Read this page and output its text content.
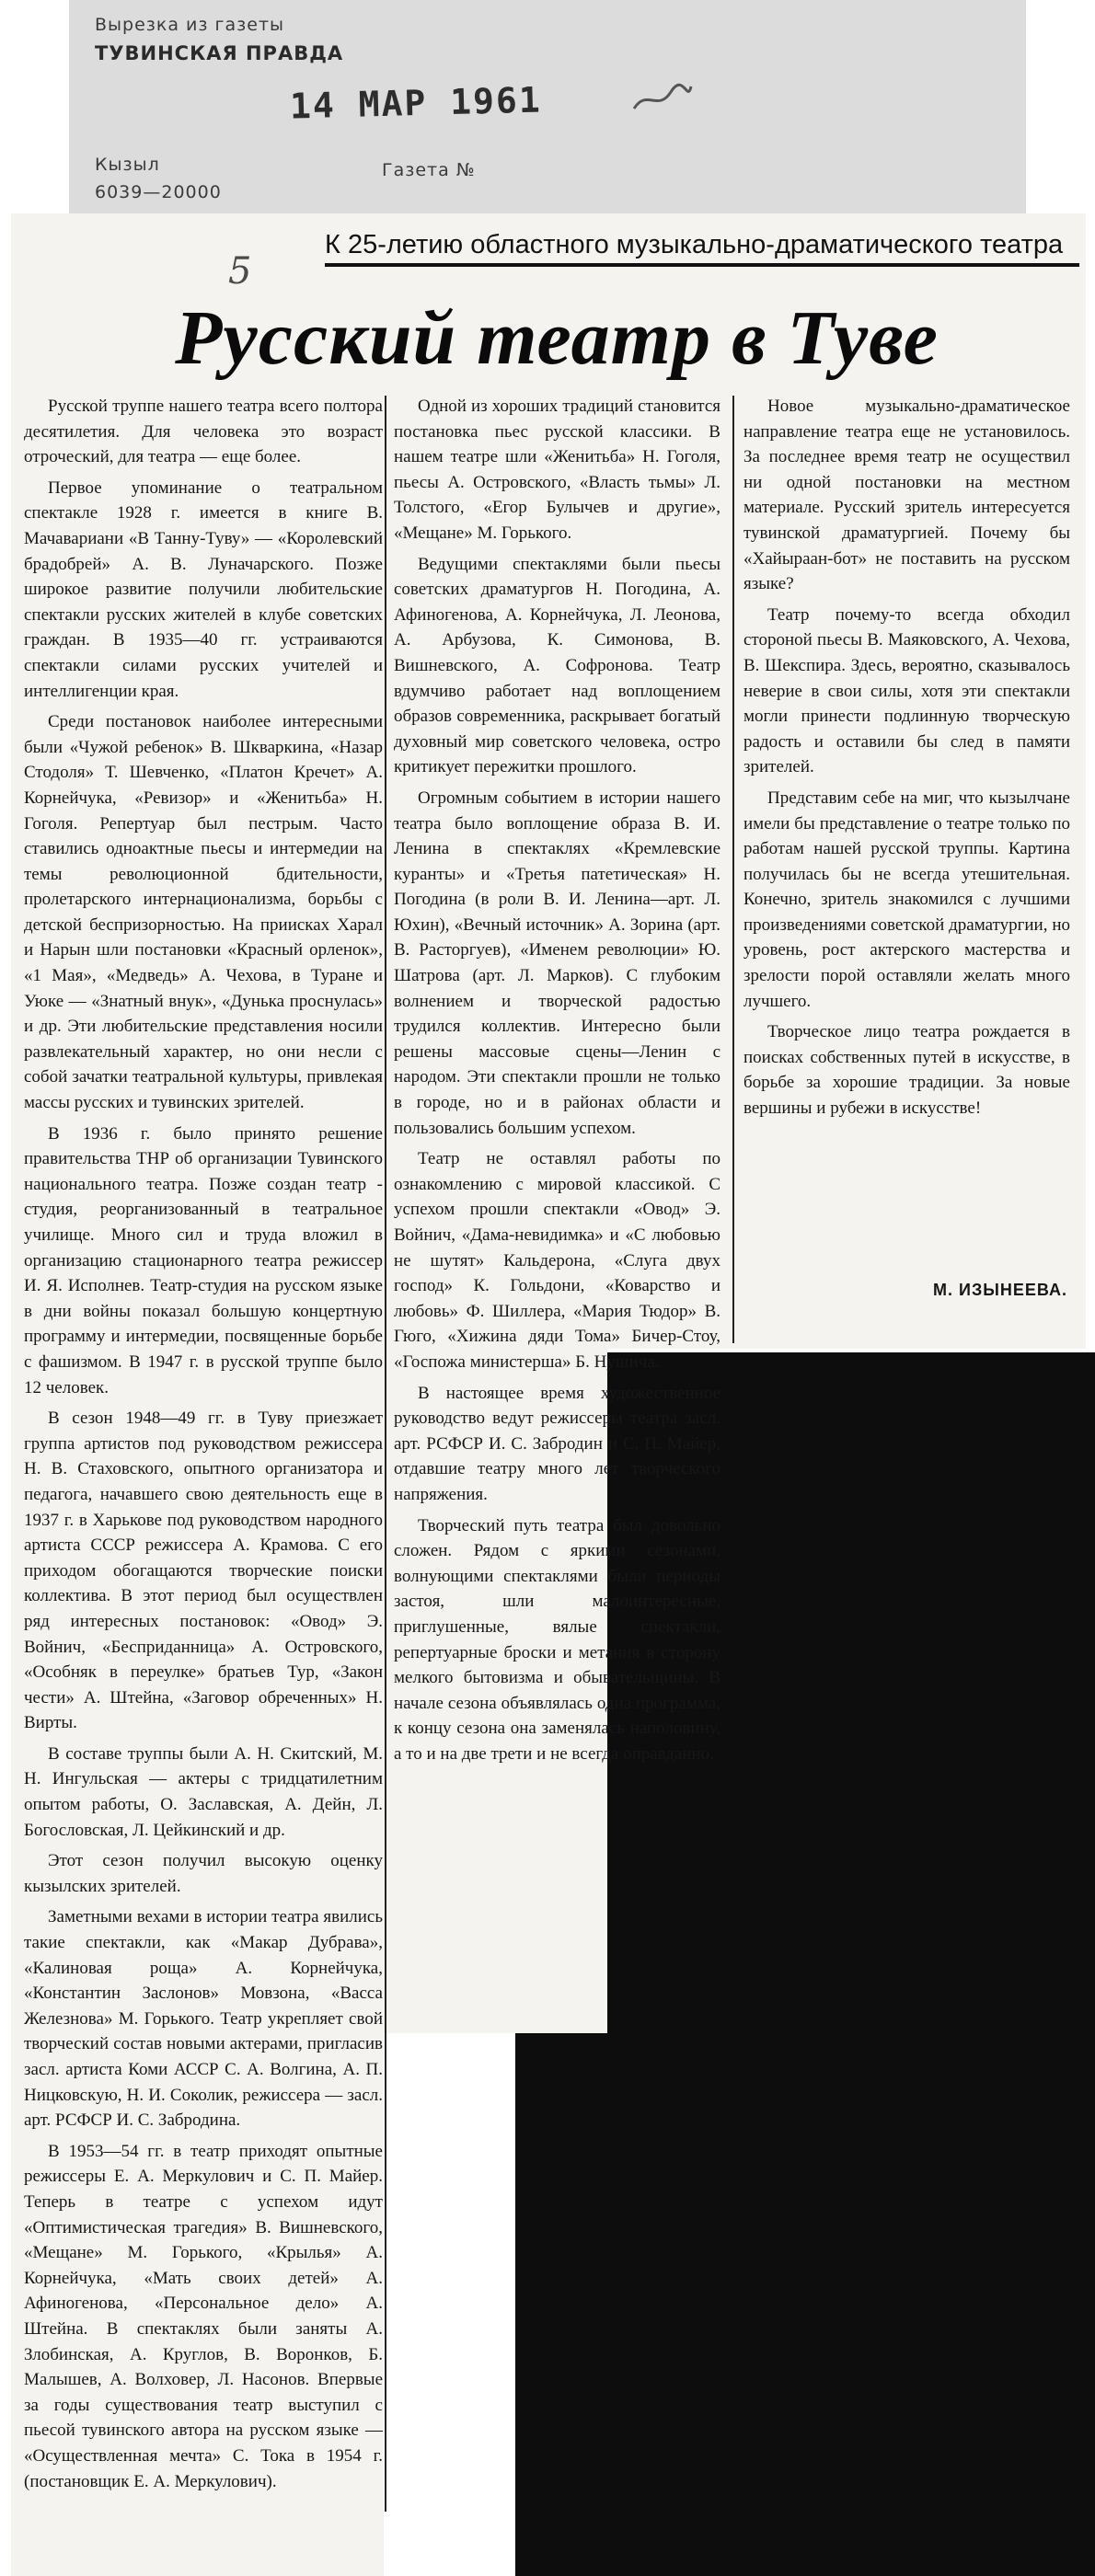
Вырезка из газеты
ТУВИНСКАЯ ПРАВДА
14 МАР 1961
Кызыл	Газета №
6039—20000
К 25-летию областного музыкально-драматического театра
5
Русский театр в Туве

Русской труппе нашего театра всего полтора десятилетия. Для человека это возраст отроческий, для театра — еще более.

Первое упоминание о театральном спектакле 1928 г. имеется в книге В. Мачавариани «В Танну-Туву» — «Королевский брадобрей» А. В. Луначарского. Позже широкое развитие получили любительские спектакли русских жителей в клубе советских граждан. В 1935—40 гг. устраиваются спектакли силами русских учителей и интеллигенции края.

Среди постановок наиболее интересными были «Чужой ребенок» В. Шкваркина, «Назар Стодоля» Т. Шевченко, «Платон Кречет» А. Корнейчука, «Ревизор» и «Женитьба» Н. Гоголя. Репертуар был пестрым. Часто ставились одноактные пьесы и интермедии на темы революционной бдительности, пролетарского интернационализма, борьбы с детской беспризорностью. На приисках Харал и Нарын шли постановки «Красный орленок», «1 Мая», «Медведь» А. Чехова, в Туране и Уюке — «Знатный внук», «Дунька проснулась» и др. Эти любительские представления носили развлекательный характер, но они несли с собой зачатки театральной культуры, привлекая массы русских и тувинских зрителей.

В 1936 г. было принято решение правительства ТНР об организации Тувинского национального театра. Позже создан театр - студия, реорганизованный в театральное училище. Много сил и труда вложил в организацию стационарного театра режиссер И. Я. Исполнев. Театр-студия на русском языке в дни войны показал большую концертную программу и интермедии, посвященные борьбе с фашизмом. В 1947 г. в русской труппе было 12 человек.

В сезон 1948—49 гг. в Туву приезжает группа артистов под руководством режиссера Н. В. Стаховского, опытного организатора и педагога, начавшего свою деятельность еще в 1937 г. в Харькове под руководством народного артиста СССР режиссера А. Крамова. С его приходом обогащаются творческие поиски коллектива. В этот период был осуществлен ряд интересных постановок: «Овод» Э. Войнич, «Бесприданница» А. Островского, «Особняк в переулке» братьев Тур, «Закон чести» А. Штейна, «Заговор обреченных» Н. Вирты.

В составе труппы были А. Н. Скитский, М. Н. Ингульская — актеры с тридцатилетним опытом работы, О. Заславская, А. Дейн, Л. Богословская, Л. Цейкинский и др.

Этот сезон получил высокую оценку кызылских зрителей.

Заметными вехами в истории театра явились такие спектакли, как «Макар Дубрава», «Калиновая роща» А. Корнейчука, «Константин Заслонов» Мовзона, «Васса Железнова» М. Горького. Театр укрепляет свой творческий состав новыми актерами, пригласив засл. артиста Коми АССР С. А. Волгина, А. П. Ницковскую, Н. И. Соколик, режиссера — засл. арт. РСФСР И. С. Забродина.

В 1953—54 гг. в театр приходят опытные режиссеры Е. А. Меркулович и С. П. Майер. Теперь в театре с успехом идут «Оптимистическая трагедия» В. Вишневского, «Мещане» М. Горького, «Крылья» А. Корнейчука, «Мать своих детей» А. Афиногенова, «Персональное дело» А. Штейна. В спектаклях были заняты А. Злобинская, А. Круглов, В. Воронков, Б. Малышев, А. Волховер, Л. Насонов. Впервые за годы существования театр выступил с пьесой тувинского автора на русском языке — «Осуществленная мечта» С. Тока в 1954 г. (постановщик Е. А. Меркулович).

Одной из хороших традиций становится постановка пьес русской классики. В нашем театре шли «Женитьба» Н. Гоголя, пьесы А. Островского, «Власть тьмы» Л. Толстого, «Егор Булычев и другие», «Мещане» М. Горького.

Ведущими спектаклями были пьесы советских драматургов Н. Погодина, А. Афиногенова, А. Корнейчука, Л. Леонова, А. Арбузова, К. Симонова, В. Вишневского, А. Софронова. Театр вдумчиво работает над воплощением образов современника, раскрывает богатый духовный мир советского человека, остро критикует пережитки прошлого.

Огромным событием в истории нашего театра было воплощение образа В. И. Ленина в спектаклях «Кремлевские куранты» и «Третья патетическая» Н. Погодина (в роли В. И. Ленина—арт. Л. Юхин), «Вечный источник» А. Зорина (арт. В. Расторгуев), «Именем революции» Ю. Шатрова (арт. Л. Марков). С глубоким волнением и творческой радостью трудился коллектив. Интересно были решены массовые сцены—Ленин с народом. Эти спектакли прошли не только в городе, но и в районах области и пользовались большим успехом.

Театр не оставлял работы по ознакомлению с мировой классикой. С успехом прошли спектакли «Овод» Э. Войнич, «Дама-невидимка» и «С любовью не шутят» Кальдерона, «Слуга двух господ» К. Гольдони, «Коварство и любовь» Ф. Шиллера, «Мария Тюдор» В. Гюго, «Хижина дяди Тома» Бичер-Стоу, «Госпожа министерша» Б. Нушича.

В настоящее время художественное руководство ведут режиссеры театра засл. арт. РСФСР И. С. Забродин и С. П. Майер, отдавшие театру много лет творческого напряжения.

Творческий путь театра был довольно сложен. Рядом с яркими сезонами, волнующими спектаклями были периоды застоя, шли малоинтересные, приглушенные, вялые спектакли, репертуарные броски и метания в сторону мелкого бытовизма и обывательщины. В начале сезона объявлялась одна программа, к концу сезона она заменялась наполовину, а то и на две трети и не всегда оправданно.

Новое музыкально-драматическое направление театра еще не установилось. За последнее время театр не осуществил ни одной постановки на местном материале. Русский зритель интересуется тувинской драматургией. Почему бы «Хайыраан-бот» не поставить на русском языке?

Театр почему-то всегда обходил стороной пьесы В. Маяковского, А. Чехова, В. Шекспира. Здесь, вероятно, сказывалось неверие в свои силы, хотя эти спектакли могли принести подлинную творческую радость и оставили бы след в памяти зрителей.

Представим себе на миг, что кызылчане имели бы представление о театре только по работам нашей русской труппы. Картина получилась бы не всегда утешительная. Конечно, зритель знакомился с лучшими произведениями советской драматургии, но уровень, рост актерского мастерства и зрелости порой оставляли желать много лучшего.

Творческое лицо театра рождается в поисках собственных путей в искусстве, в борьбе за хорошие традиции. За новые вершины и рубежи в искусстве!

М. ИЗЫНЕЕВА.
